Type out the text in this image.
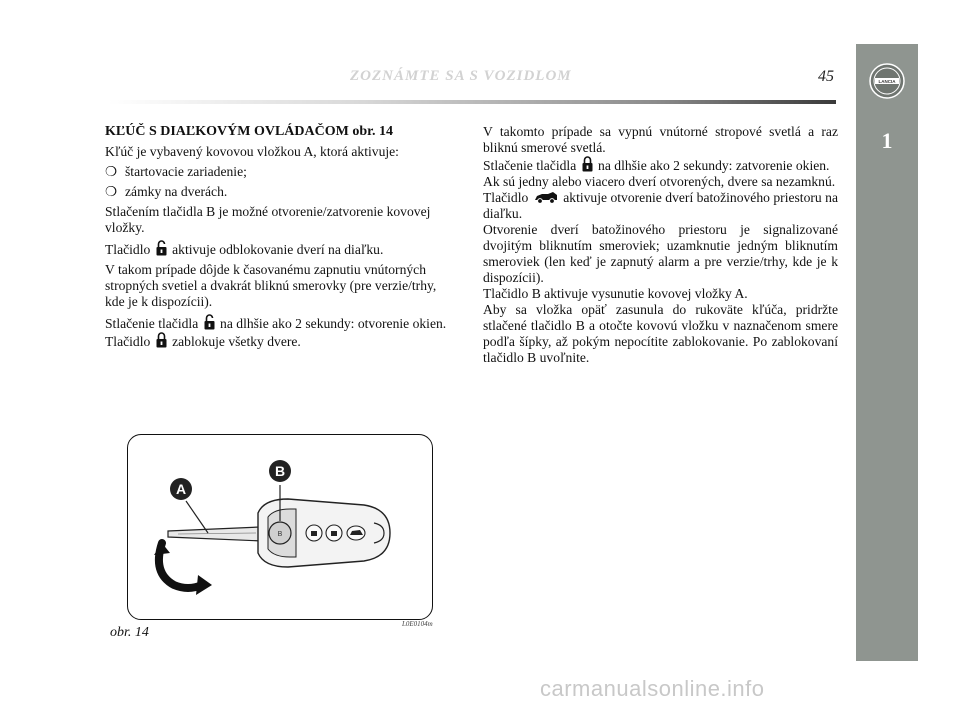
ZOZNÁMTE SA S VOZIDLOM	45	LANCIA
1

KĽÚČ S DIAĽKOVÝM OVLÁDAČOM obr. 14

Kľúč je vybavený kovovou vložkou A, ktorá aktivuje:

❍ štartovacie zariadenie;
❍ zámky na dverách.

Stlačením tlačidla B je možné otvorenie/zatvorenie kovovej vložky.

Tlačidlo aktivuje odblokovanie dverí na diaľku.

V takom prípade dôjde k časovanému zapnutiu vnútorných stropných svetiel a dvakrát bliknú smerovky (pre verzie/trhy, kde je k dispozícii).

Stlačenie tlačidla na dlhšie ako 2 sekundy: otvorenie okien.
Tlačidlo zablokuje všetky dvere.

V takomto prípade sa vypnú vnútorné stropové svetlá a raz bliknú smerové svetlá.

Stlačenie tlačidla na dlhšie ako 2 sekundy: zatvorenie okien.

Ak sú jedny alebo viacero dverí otvorených, dvere sa nezamknú.

Tlačidlo	aktivuje otvorenie dverí batožinového priestoru na diaľku.

Otvorenie dverí batožinového priestoru je signalizované dvojitým bliknutím smeroviek; uzamknutie jedným bliknutím smeroviek (len keď je zapnutý alarm a pre verzie/trhy, kde je k dispozícii).

Tlačidlo B aktivuje vysunutie kovovej vložky A.

Aby sa vložka opäť zasunula do rukoväte kľúča, pridržte stlačené tlačidlo B a otočte kovovú vložku v naznačenom smere podľa šípky, až pokým nepocítite zablokovanie. Po zablokovaní tlačidlo B uvoľnite.

B
A
B
obr. 14
L0E0104m
carmanualsonline.info
